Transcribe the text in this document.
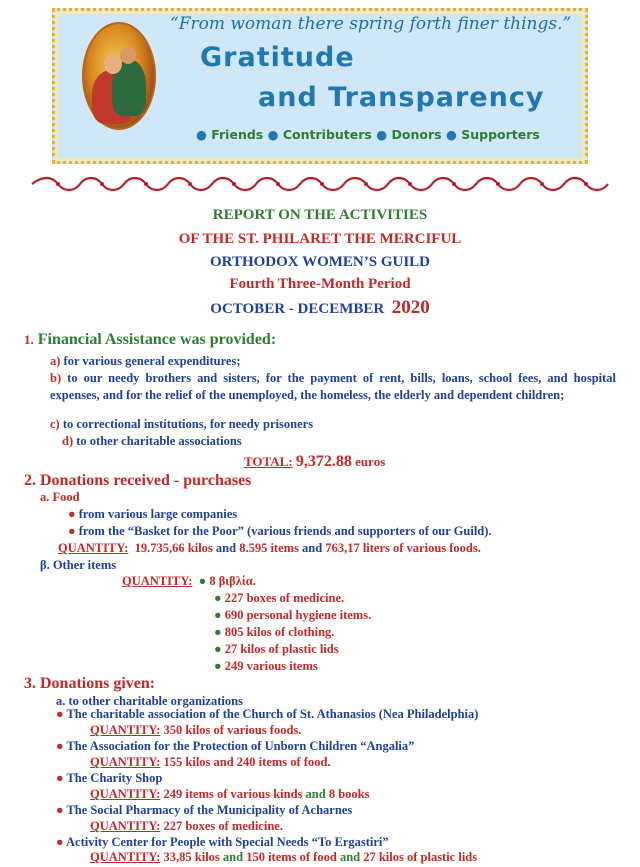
“From woman there spring forth finer things.”
Gratitude
and Transparency
● Friends ● Contributers ● Donors ● Supporters
REPORT ON THE ACTIVITIES
OF THE ST. PHILARET THE MERCIFUL
ORTHODOX WOMEN’S GUILD
Fourth Three-Month Period
OCTOBER - DECEMBER 2020
1. Financial Assistance was provided:
a) for various general expenditures;
b) to our needy brothers and sisters, for the payment of rent, bills, loans, school fees, and hospital expenses, and for the relief of the unemployed, the homeless, the elderly and dependent children;
c) to correctional institutions, for needy prisoners
d) to other charitable associations
TOTAL: 9,372.88 euros
2. Donations received - purchases
a. Food
● from various large companies
● from the “Basket for the Poor” (various friends and supporters of our Guild).
QUANTITY: 19.735,66 kilos and 8.595 items and 763,17 liters of various foods.
β. Other items
QUANTITY: ● 8 βιβλία.
● 227 boxes of medicine.
● 690 personal hygiene items.
● 805 kilos of clothing.
● 27 kilos of plastic lids
● 249 various items
3. Donations given:
a. to other charitable organizations
● The charitable association of the Church of St. Athanasios (Nea Philadelphia)
QUANTITY: 350 kilos of various foods.
● The Association for the Protection of Unborn Children “Angalia”
QUANTITY: 155 kilos and 240 items of food.
● The Charity Shop
QUANTITY: 249 items of various kinds and 8 books
● The Social Pharmacy of the Municipality of Acharnes
QUANTITY: 227 boxes of medicine.
● Activity Center for People with Special Needs “To Ergastiri”
QUANTITY: 33,85 kilos and 150 items of food and 27 kilos of plastic lids
